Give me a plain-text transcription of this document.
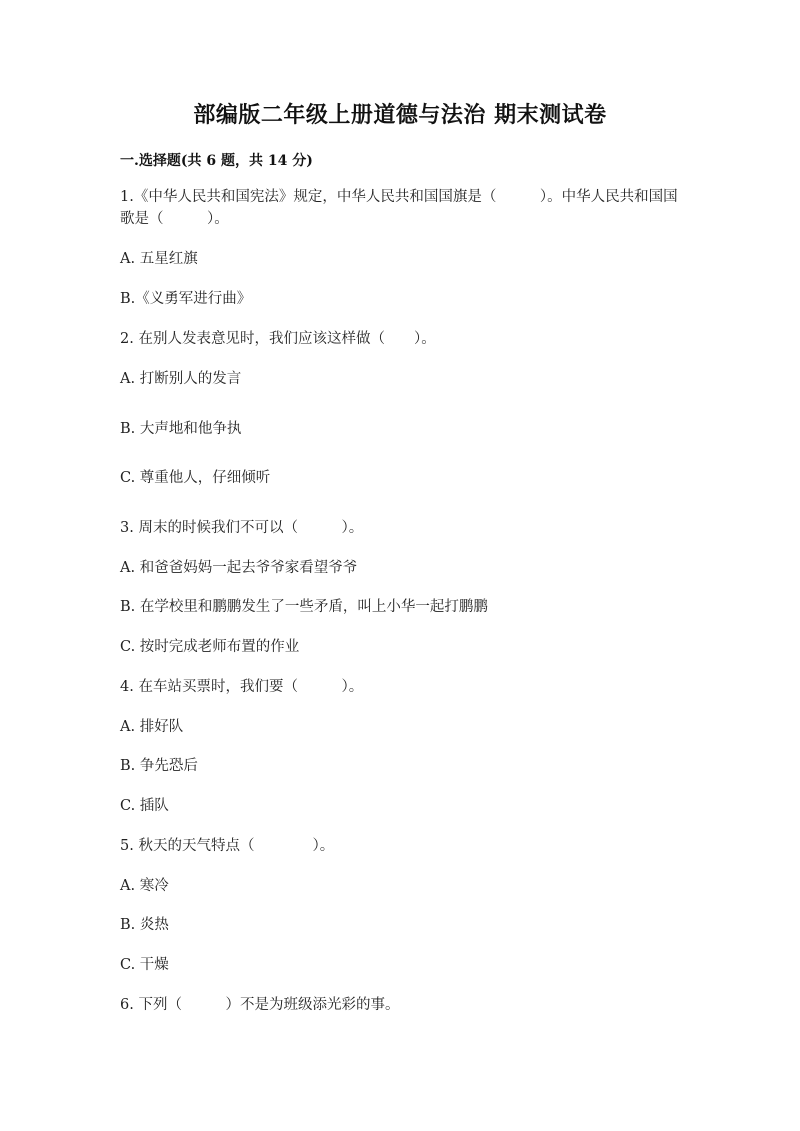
部编版二年级上册道德与法治 期末测试卷
一.选择题(共 6 题，共 14 分)
1.《中华人民共和国宪法》规定，中华人民共和国国旗是（　　　）。中华人民共和国国歌是（　　　）。
A. 五星红旗
B.《义勇军进行曲》
2. 在别人发表意见时，我们应该这样做（　　）。
A. 打断别人的发言
B. 大声地和他争执
C. 尊重他人，仔细倾听
3. 周末的时候我们不可以（　　　）。
A. 和爸爸妈妈一起去爷爷家看望爷爷
B. 在学校里和鹏鹏发生了一些矛盾，叫上小华一起打鹏鹏
C. 按时完成老师布置的作业
4. 在车站买票时，我们要（　　　）。
A. 排好队
B. 争先恐后
C. 插队
5. 秋天的天气特点（　　　　）。
A. 寒冷
B. 炎热
C. 干燥
6. 下列（　　　）不是为班级添光彩的事。
